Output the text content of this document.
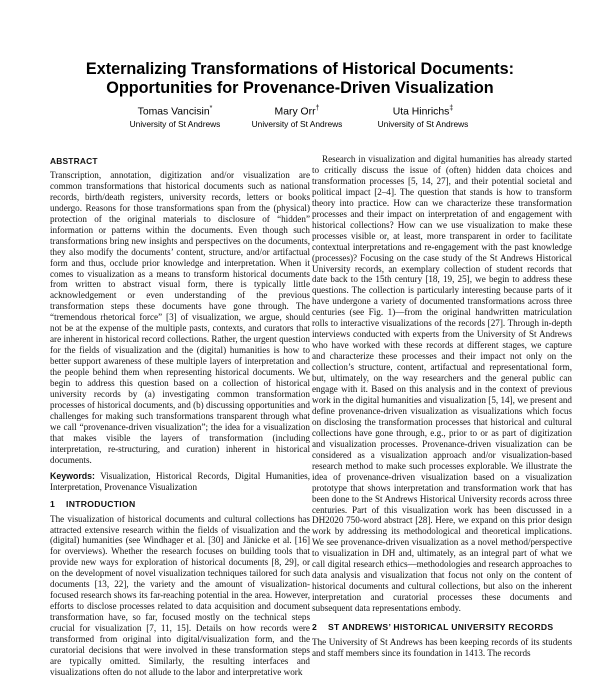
Externalizing Transformations of Historical Documents: Opportunities for Provenance-Driven Visualization
Tomas Vancisin*
University of St Andrews
Mary Orr†
University of St Andrews
Uta Hinrichs‡
University of St Andrews
ABSTRACT

Transcription, annotation, digitization and/or visualization are common transformations that historical documents such as national records, birth/death registers, university records, letters or books undergo. Reasons for those transformations span from the (physical) protection of the original materials to disclosure of “hidden” information or patterns within the documents. Even though such transformations bring new insights and perspectives on the documents, they also modify the documents’ content, structure, and/or artifactual form and thus, occlude prior knowledge and interpretation. When it comes to visualization as a means to transform historical documents from written to abstract visual form, there is typically little acknowledgement or even understanding of the previous transformation steps these documents have gone through. The “tremendous rhetorical force” [3] of visualization, we argue, should not be at the expense of the multiple pasts, contexts, and curators that are inherent in historical record collections. Rather, the urgent question for the fields of visualization and the (digital) humanities is how to better support awareness of these multiple layers of interpretation and the people behind them when representing historical documents. We begin to address this question based on a collection of historical university records by (a) investigating common transformation processes of historical documents, and (b) discussing opportunities and challenges for making such transformations transparent through what we call “provenance-driven visualization”; the idea for a visualization that makes visible the layers of transformation (including interpretation, re-structuring, and curation) inherent in historical documents.

Keywords: Visualization, Historical Records, Digital Humanities, Interpretation, Provenance Visualization

1 INTRODUCTION

The visualization of historical documents and cultural collections has attracted extensive research within the fields of visualization and the (digital) humanities (see Windhager et al. [30] and Jänicke et al. [16] for overviews). Whether the research focuses on building tools that provide new ways for exploration of historical documents [8, 29], or on the development of novel visualization techniques tailored for such documents [13, 22], the variety and the amount of visualization-focused research shows its far-reaching potential in the area. However, efforts to disclose processes related to data acquisition and document transformation have, so far, focused mostly on the technical steps crucial for visualization [7, 11, 15]. Details on how records were transformed from original into digital/visualization form, and the curatorial decisions that were involved in these transformation steps are typically omitted. Similarly, the resulting interfaces and visualizations often do not allude to the labor and interpretative work

Research in visualization and digital humanities has already started to critically discuss the issue of (often) hidden data choices and transformation processes [5, 14, 27], and their potential societal and political impact [2–4]. The question that stands is how to transform theory into practice. How can we characterize these transformation processes and their impact on interpretation of and engagement with historical collections? How can we use visualization to make these processes visible or, at least, more transparent in order to facilitate contextual interpretations and re-engagement with the past knowledge (processes)? Focusing on the case study of the St Andrews Historical University records, an exemplary collection of student records that date back to the 15th century [18, 19, 25], we begin to address these questions. The collection is particularly interesting because parts of it have undergone a variety of documented transformations across three centuries (see Fig. 1)—from the original handwritten matriculation rolls to interactive visualizations of the records [27]. Through in-depth interviews conducted with experts from the University of St Andrews who have worked with these records at different stages, we capture and characterize these processes and their impact not only on the collection’s structure, content, artifactual and representational form, but, ultimately, on the way researchers and the general public can engage with it. Based on this analysis and in the context of previous work in the digital humanities and visualization [5, 14], we present and define provenance-driven visualization as visualizations which focus on disclosing the transformation processes that historical and cultural collections have gone through, e.g., prior to or as part of digitization and visualization processes. Provenance-driven visualization can be considered as a visualization approach and/or visualization-based research method to make such processes explorable. We illustrate the idea of provenance-driven visualization based on a visualization prototype that shows interpretation and transformation work that has been done to the St Andrews Historical University records across three centuries. Part of this visualization work has been discussed in a DH2020 750-word abstract [28]. Here, we expand on this prior design work by addressing its methodological and theoretical implications. We see provenance-driven visualization as a novel method/perspective to visualization in DH and, ultimately, as an integral part of what we call digital research ethics—methodologies and research approaches to data analysis and visualization that focus not only on the content of historical documents and cultural collections, but also on the inherent interpretation and curatorial processes these documents and subsequent data representations embody.

2 ST ANDREWS’ HISTORICAL UNIVERSITY RECORDS

The University of St Andrews has been keeping records of its students and staff members since its foundation in 1413. The records
